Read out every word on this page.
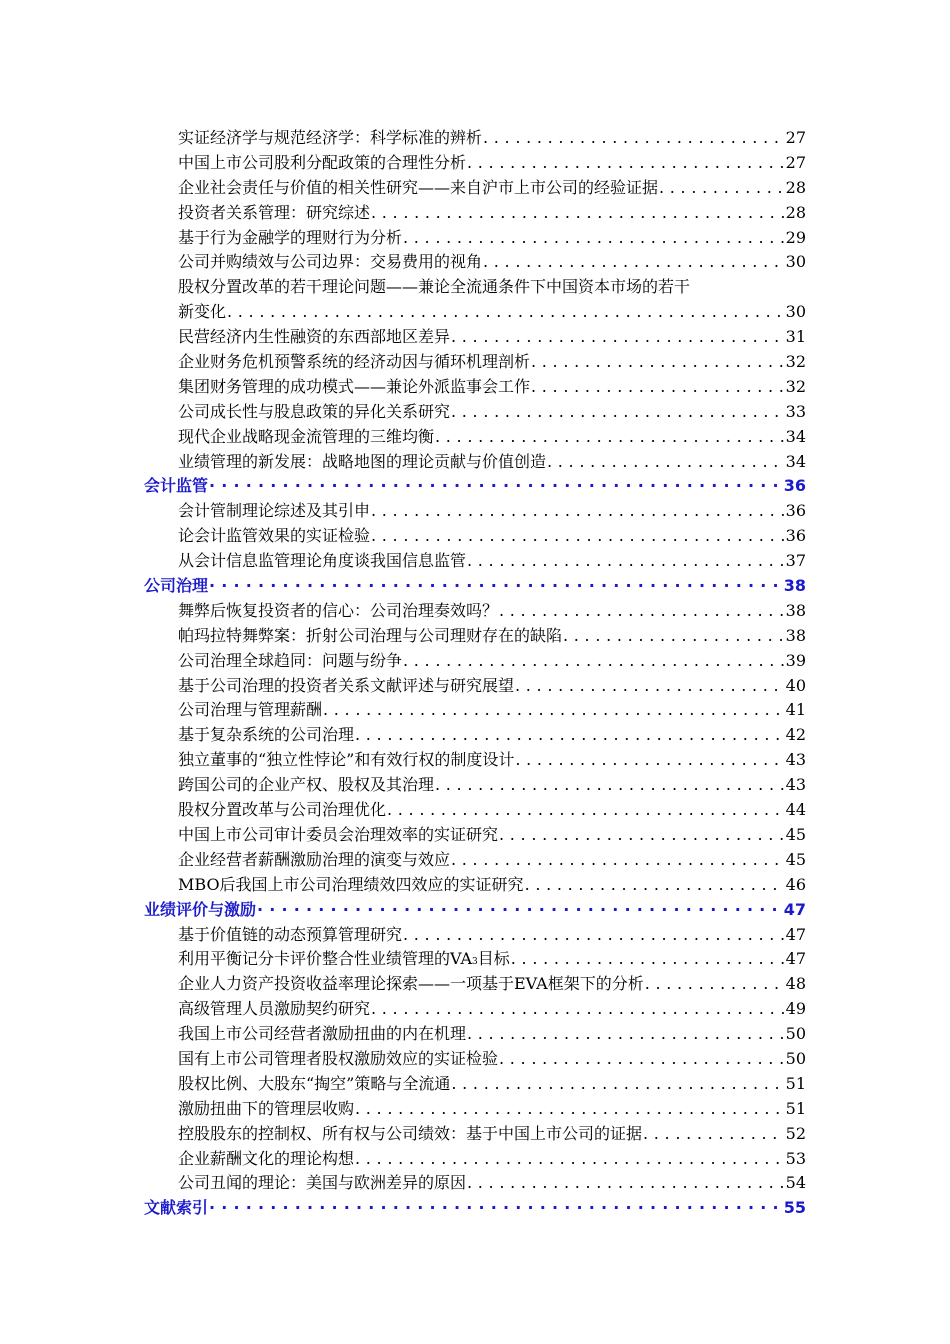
实证经济学与规范经济学：科学标准的辨析 . . .	27
中国上市公司股利分配政策的合理性分析 . . .	27
企业社会责任与价值的相关性研究——来自沪市上市公司的经验证据 . . .	28
投资者关系管理：研究综述 . . .	28
基于行为金融学的理财行为分析 . . .	29
公司并购绩效与公司边界：交易费用的视角 . . .	30
股权分置改革的若干理论问题——兼论全流通条件下中国资本市场的若干
新变化 . . .	30
民营经济内生性融资的东西部地区差异 . . .	31
企业财务危机预警系统的经济动因与循环机理剖析 . . .	32
集团财务管理的成功模式——兼论外派监事会工作 . . .	32
公司成长性与股息政策的异化关系研究 . . .	33
现代企业战略现金流管理的三维均衡 . . .	34
业绩管理的新发展：战略地图的理论贡献与价值创造 . . .	34
会计监管 · · ·	36
会计管制理论综述及其引申 . . .	36
论会计监管效果的实证检验 . . .	36
从会计信息监管理论角度谈我国信息监管 . . .	37
公司治理 · · ·	38
舞弊后恢复投资者的信心：公司治理奏效吗？ . . .	38
帕玛拉特舞弊案：折射公司治理与公司理财存在的缺陷 . . .	38
公司治理全球趋同：问题与纷争 . . .	39
基于公司治理的投资者关系文献评述与研究展望 . . .	40
公司治理与管理薪酬 . . .	41
基于复杂系统的公司治理 . . .	42
独立董事的“独立性悖论”和有效行权的制度设计 . . .	43
跨国公司的企业产权、股权及其治理 . . .	43
股权分置改革与公司治理优化 . . .	44
中国上市公司审计委员会治理效率的实证研究 . . .	45
企业经营者薪酬激励治理的演变与效应 . . .	45
MBO后我国上市公司治理绩效四效应的实证研究 . . .	46
业绩评价与激励 · · ·	47
基于价值链的动态预算管理研究 . . .	47
利用平衡记分卡评价整合性业绩管理的VA 3 目标 . . .	47
企业人力资产投资收益率理论探索——一项基于EVA框架下的分析 . . .	48
高级管理人员激励契约研究 . . .	49
我国上市公司经营者激励扭曲的内在机理 . . .	50
国有上市公司管理者股权激励效应的实证检验 . . .	50
股权比例、大股东“掏空”策略与全流通 . . .	51
激励扭曲下的管理层收购 . . .	51
控股股东的控制权、所有权与公司绩效：基于中国上市公司的证据 . . .	52
企业薪酬文化的理论构想 . . .	53
公司丑闻的理论：美国与欧洲差异的原因 . . .	54
文献索引 · · ·	55
